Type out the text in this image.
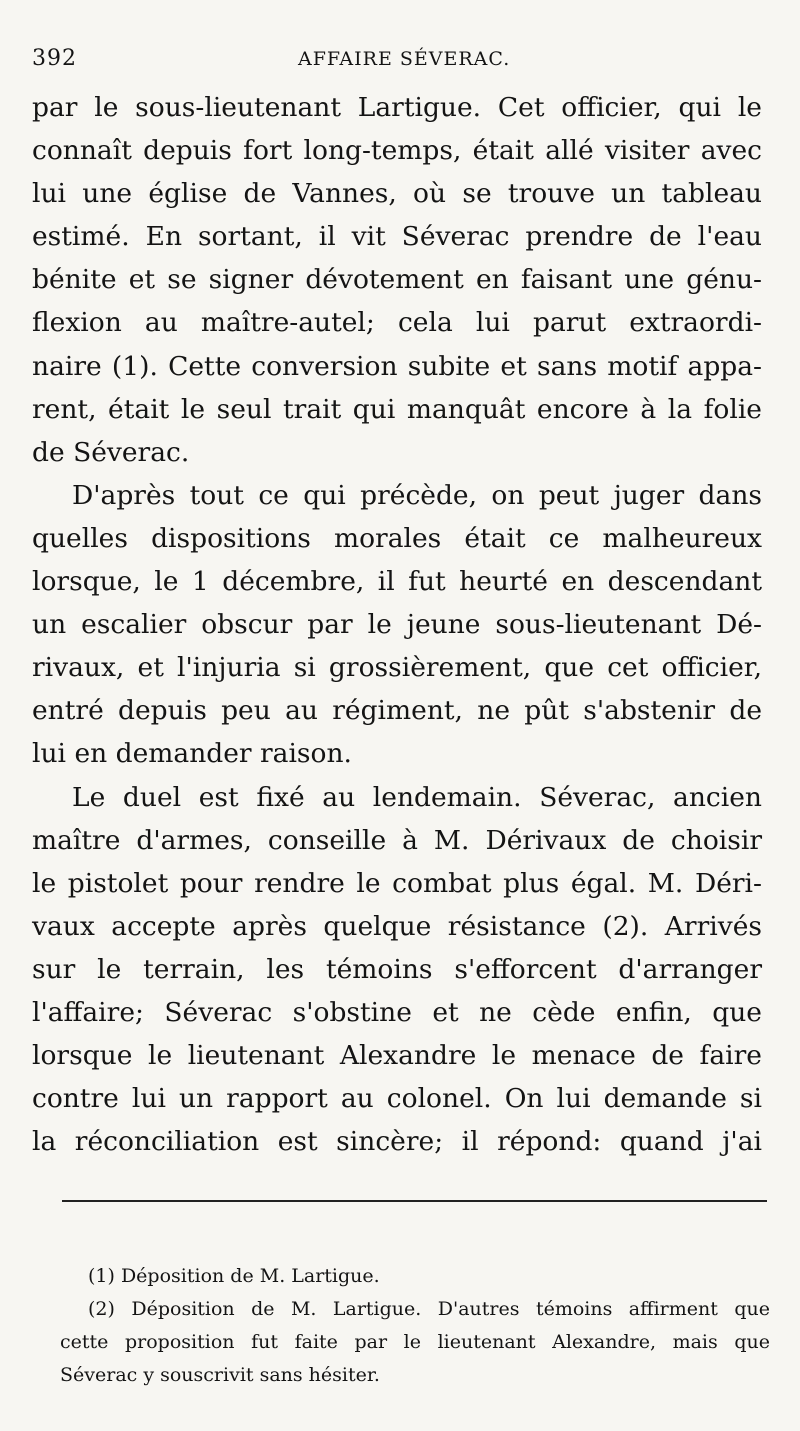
392	AFFAIRE SÉVERAC.
par le sous-lieutenant Lartigue. Cet officier, qui le
connaît depuis fort long-temps, était allé visiter avec
lui une église de Vannes, où se trouve un tableau
estimé. En sortant, il vit Séverac prendre de l'eau
bénite et se signer dévotement en faisant une génu-
flexion au maître-autel; cela lui parut extraordi-
naire (1). Cette conversion subite et sans motif appa-
rent, était le seul trait qui manquât encore à la folie
de Séverac.
D'après tout ce qui précède, on peut juger dans
quelles dispositions morales était ce malheureux
lorsque, le 1 décembre, il fut heurté en descendant
un escalier obscur par le jeune sous-lieutenant Dé-
rivaux, et l'injuria si grossièrement, que cet officier,
entré depuis peu au régiment, ne pût s'abstenir de
lui en demander raison.
Le duel est fixé au lendemain. Séverac, ancien
maître d'armes, conseille à M. Dérivaux de choisir
le pistolet pour rendre le combat plus égal. M. Déri-
vaux accepte après quelque résistance (2). Arrivés
sur le terrain, les témoins s'efforcent d'arranger
l'affaire; Séverac s'obstine et ne cède enfin, que
lorsque le lieutenant Alexandre le menace de faire
contre lui un rapport au colonel. On lui demande si
la réconciliation est sincère; il répond: quand j'ai
(1) Déposition de M. Lartigue.
(2) Déposition de M. Lartigue. D'autres témoins affirment que
cette proposition fut faite par le lieutenant Alexandre, mais que
Séverac y souscrivit sans hésiter.
